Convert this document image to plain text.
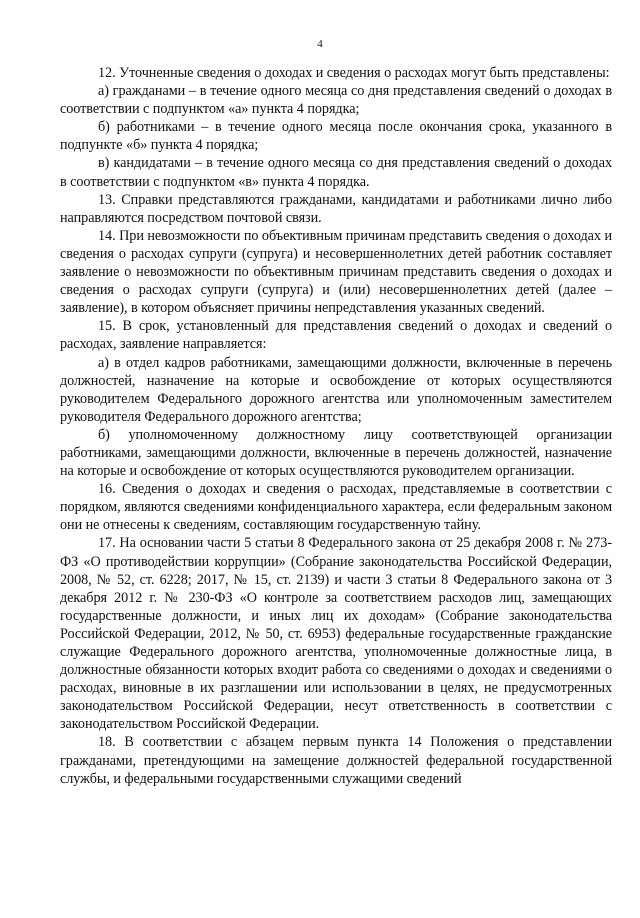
4

12. Уточненные сведения о доходах и сведения о расходах могут быть представлены:

а) гражданами – в течение одного месяца со дня представления сведений о доходах в соответствии с подпунктом «а» пункта 4 порядка;

б) работниками – в течение одного месяца после окончания срока, указанного в подпункте «б» пункта 4 порядка;

в) кандидатами – в течение одного месяца со дня представления сведений о доходах в соответствии с подпунктом «в» пункта 4 порядка.

13. Справки представляются гражданами, кандидатами и работниками лично либо направляются посредством почтовой связи.

14. При невозможности по объективным причинам представить сведения о доходах и сведения о расходах супруги (супруга) и несовершеннолетних детей работник составляет заявление о невозможности по объективным причинам представить сведения о доходах и сведения о расходах супруги (супруга) и (или) несовершеннолетних детей (далее – заявление), в котором объясняет причины непредставления указанных сведений.

15. В срок, установленный для представления сведений о доходах и сведений о расходах, заявление направляется:

а) в отдел кадров работниками, замещающими должности, включенные в перечень должностей, назначение на которые и освобождение от которых осуществляются руководителем Федерального дорожного агентства или уполномоченным заместителем руководителя Федерального дорожного агентства;

б) уполномоченному должностному лицу соответствующей организации работниками, замещающими должности, включенные в перечень должностей, назначение на которые и освобождение от которых осуществляются руководителем организации.

16. Сведения о доходах и сведения о расходах, представляемые в соответствии с порядком, являются сведениями конфиденциального характера, если федеральным законом они не отнесены к сведениям, составляющим государственную тайну.

17. На основании части 5 статьи 8 Федерального закона от 25 декабря 2008 г. № 273-ФЗ «О противодействии коррупции» (Собрание законодательства Российской Федерации, 2008, № 52, ст. 6228; 2017, № 15, ст. 2139) и части 3 статьи 8 Федерального закона от 3 декабря 2012 г. № 230-ФЗ «О контроле за соответствием расходов лиц, замещающих государственные должности, и иных лиц их доходам» (Собрание законодательства Российской Федерации, 2012, № 50, ст. 6953) федеральные государственные гражданские служащие Федерального дорожного агентства, уполномоченные должностные лица, в должностные обязанности которых входит работа со сведениями о доходах и сведениями о расходах, виновные в их разглашении или использовании в целях, не предусмотренных законодательством Российской Федерации, несут ответственность в соответствии с законодательством Российской Федерации.

18. В соответствии с абзацем первым пункта 14 Положения о представлении гражданами, претендующими на замещение должностей федеральной государственной службы, и федеральными государственными служащими сведений
